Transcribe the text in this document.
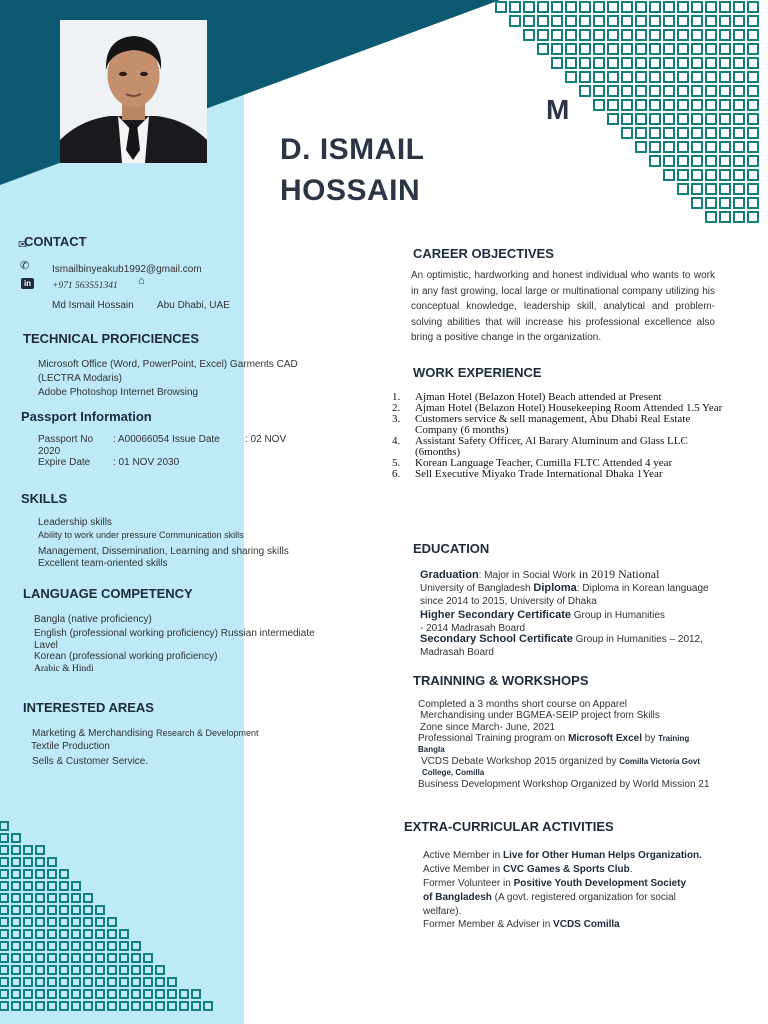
D. ISMAIL
HOSSAIN
M
✉
CONTACT
✆ Ismailbinyeakub1992@gmail.com
in	+971 563551341 ⌂
Md Ismail Hossain Abu Dhabi, UAE
TECHNICAL PROFICIENCES
Microsoft Office (Word, PowerPoint, Excel) Garments CAD
(LECTRA Modaris)
Adobe Photoshop Internet Browsing
Passport Information
Passport No : A00066054 Issue Date	: 02 NOV
2020
Expire Date : 01 NOV 2030
SKILLS
Leadership skills
Ability to work under pressure Communication skills
Management, Dissemination, Learning and sharing skills
Excellent team-oriented skills
LANGUAGE COMPETENCY
Bangla (native proficiency)
English (professional working proficiency) Russian intermediate
Lavel
Korean (professional working proficiency)
Arabic & Hindi
INTERESTED AREAS
Marketing & Merchandising Research & Development
Textile Production
Sells & Customer Service.
CAREER OBJECTIVES
An optimistic, hardworking and honest individual who wants to work in any fast growing, local large or multinational company utilizing his conceptual knowledge, leadership skill, analytical and problem-solving abilities that will increase his professional excellence also bring a positive change in the organization.
WORK EXPERIENCE
1. Ajman Hotel (Belazon Hotel) Beach attended at Present
2. Ajman Hotel (Belazon Hotel) Housekeeping Room Attended 1.5 Year
3. Customers service & sell management, Abu Dhabi Real Estate Company (6 months)
4. Assistant Safety Officer, Al Barary Aluminum and Glass LLC (6months)
5. Korean Language Teacher, Cumilla FLTC Attended 4 year
6. Sell Executive Miyako Trade International Dhaka 1Year
EDUCATION
Graduation: Major in Social Work in 2019 National
University of Bangladesh Diploma: Diploma in Korean language since 2014 to 2015, University of Dhaka
Higher Secondary Certificate Group in Humanities
- 2014 Madrasah Board
Secondary School Certificate Group in Humanities – 2012, Madrasah Board
TRAINNING & WORKSHOPS
Completed a 3 months short course on Apparel
Merchandising under BGMEA-SEIP project from Skills
Zone since March- June, 2021
Professional Training program on Microsoft Excel by Training
Bangla
VCDS Debate Workshop 2015 organized by Comilla Victoria Govt
College, Comilla
Business Development Workshop Organized by World Mission 21
EXTRA-CURRICULAR ACTIVITIES
Active Member in Live for Other Human Helps Organization.
Active Member in CVC Games & Sports Club.
Former Volunteer in Positive Youth Development Society
of Bangladesh (A govt. registered organization for social
welfare).
Former Member & Adviser in VCDS Comilla
